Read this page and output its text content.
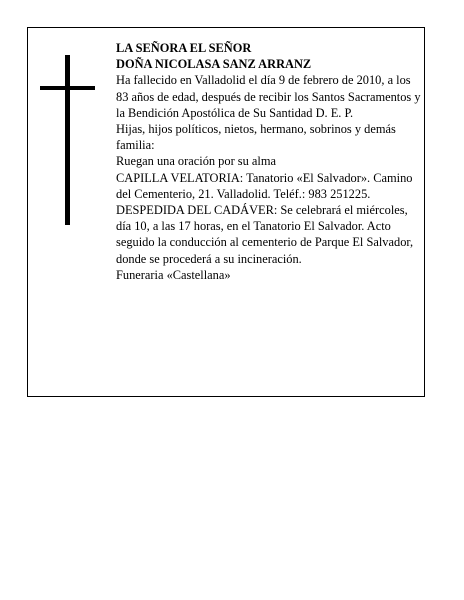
LA SEÑORA EL SEÑOR

DOÑA NICOLASA SANZ ARRANZ

Ha fallecido en Valladolid el día 9 de febrero de 2010, a los 83 años de edad, después de recibir los Santos Sacramentos y la Bendición Apostólica de Su Santidad D. E. P.

Hijas, hijos políticos, nietos, hermano, sobrinos y demás familia:

Ruegan una oración por su alma

CAPILLA VELATORIA: Tanatorio «El Salvador». Camino del Cementerio, 21. Valladolid. Teléf.: 983 251225.

DESPEDIDA DEL CADÁVER: Se celebrará el miércoles, día 10, a las 17 horas, en el Tanatorio El Salvador. Acto seguido la conducción al cementerio de Parque El Salvador, donde se procederá a su incineración.

Funeraria «Castellana»
